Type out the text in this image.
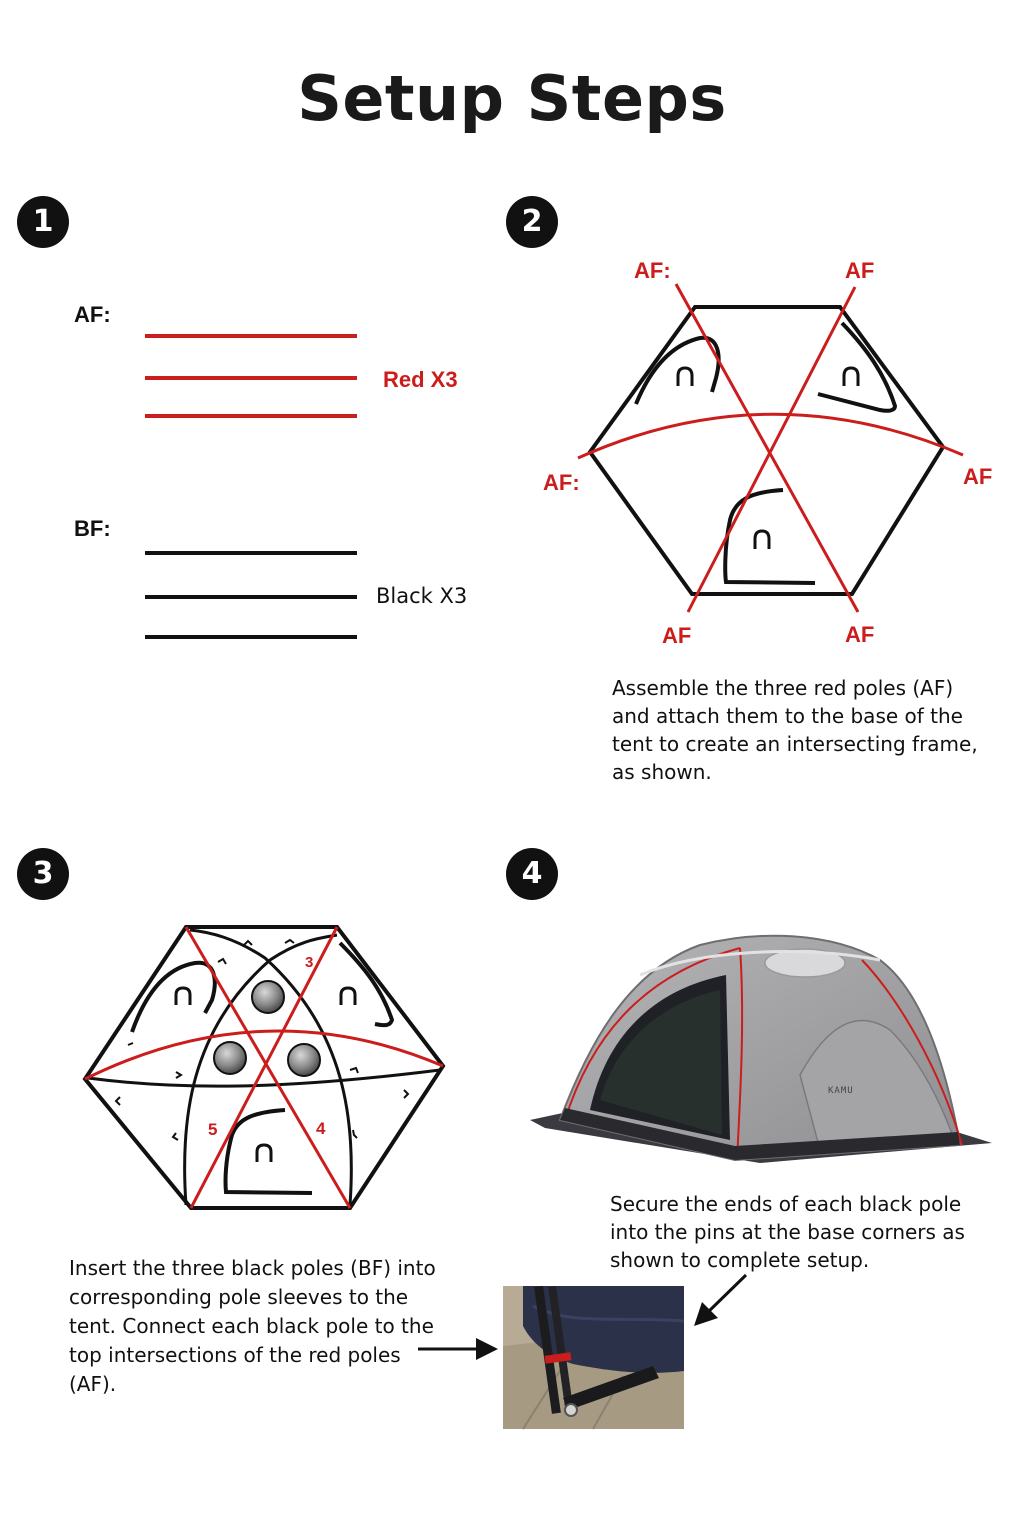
Setup Steps
1
AF:
BF:
Red X3
Black X3
2
AF:	AF
AF:	AF
AF	AF
Assemble the three red poles (AF) and attach them to the base of the tent to create an intersecting frame, as shown.
3
3
5	4
Insert the three black poles (BF) into corresponding pole sleeves to the tent. Connect each black pole to the top intersections of the red poles (AF).
4
KAMU
Secure the ends of each black pole into the pins at the base corners as shown to complete setup.
